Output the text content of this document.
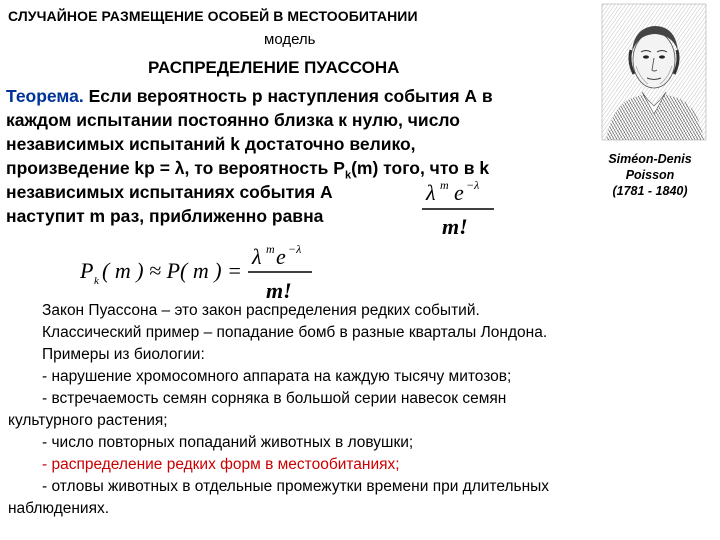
СЛУЧАЙНОЕ РАЗМЕЩЕНИЕ ОСОБЕЙ В МЕСТООБИТАНИИ
модель
РАСПРЕДЕЛЕНИЕ ПУАССОНА
Теорема. Если вероятность p наступления события А в
каждом испытании постоянно близка к нулю, число
независимых испытаний k достаточно велико,
произведение kp = λ, то вероятность $P_k(m)$ того, что в k
независимых испытаниях события А
наступит m раз, приближенно равна
λ m e −λ
m!
P k ( m ) ≈ P( m ) =
λ m e −λ
m!
Siméon-Denis
Poisson
(1781 - 1840)
Закон Пуассона – это закон распределения редких событий.
Классический пример – попадание бомб в разные кварталы Лондона.
Примеры из биологии:
- нарушение хромосомного аппарата на каждую тысячу митозов;
- встречаемость семян сорняка в большой серии навесок семян
культурного растения;
- число повторных попаданий животных в ловушки;
- распределение редких форм в местообитаниях;
- отловы животных в отдельные промежутки времени при длительных
наблюдениях.
